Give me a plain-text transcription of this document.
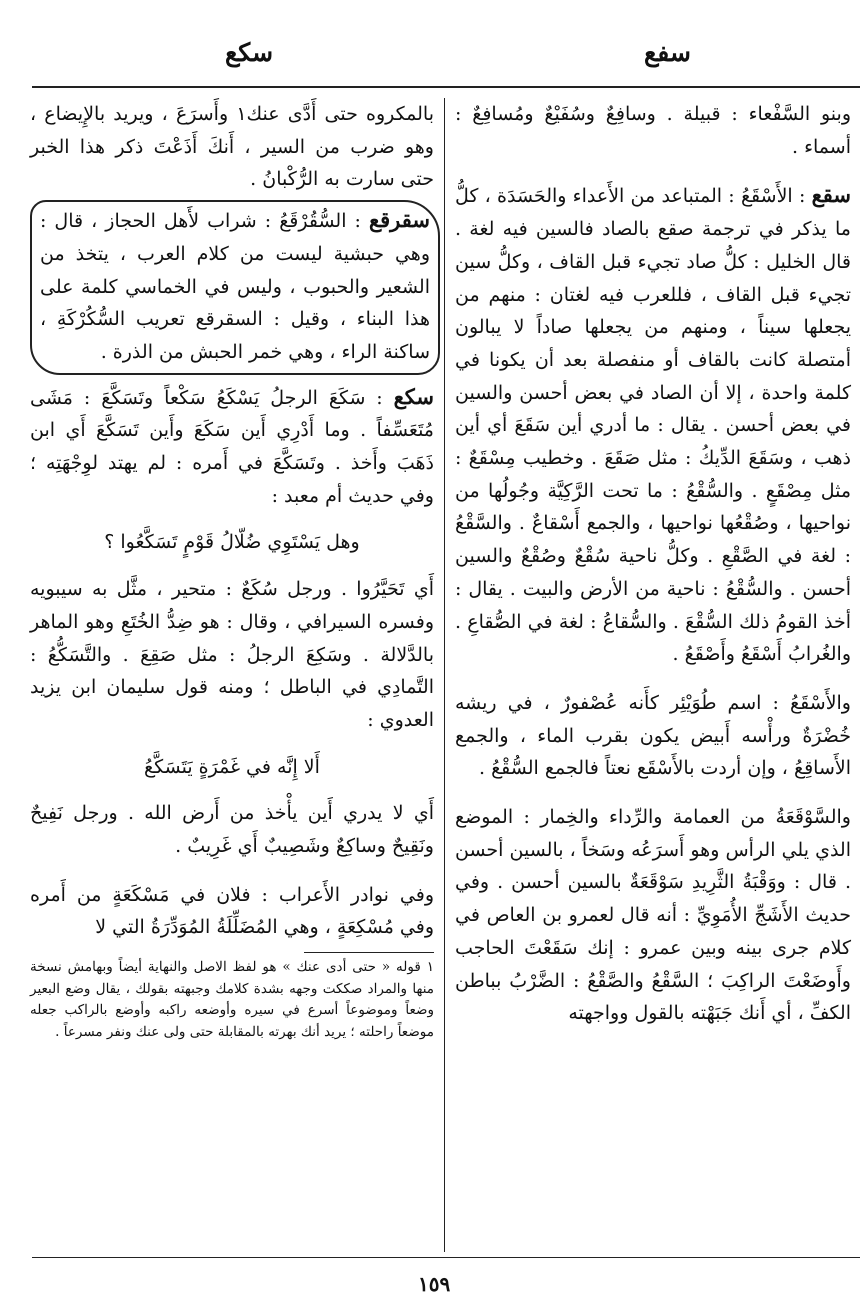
سفع
سكع

وبنو السَّفْعاء : قبيلة . وسافِعٌ وسُفَيْعٌ ومُسافِعٌ : أسماء .

سقع : الأَسْقَعُ : المتباعد من الأَعداء والحَسَدَة ، كلُّ ما يذكر في ترجمة صقع بالصاد فالسين فيه لغة . قال الخليل : كلُّ صاد تجيء قبل القاف ، وكلُّ سين تجيء قبل القاف ، فللعرب فيه لغتان : منهم من يجعلها سيناً ، ومنهم من يجعلها صاداً لا يبالون أمتصلة كانت بالقاف أو منفصلة بعد أن يكونا في كلمة واحدة ، إلا أن الصاد في بعض أحسن والسين في بعض أحسن . يقال : ما أدري أين سَقَعَ أي أين ذهب ، وسَقَعَ الدِّيكُ : مثل صَقَعَ . وخطيب مِسْقَعٌ : مثل مِصْقَعٍ . والسُّقْعُ : ما تحت الرَّكِيَّة وجُولُها من نواحيها ، وصُقْعُها نواحيها ، والجمع أَسْقاعٌ . والسَّقْعُ : لغة في الصَّقْعِ . وكلُّ ناحية سُقْعٌ وصُقْعٌ والسين أحسن . والسُّقْعُ : ناحية من الأرض والبيت . يقال : أخذ القومُ ذلك السُّقْعَ . والسُّقاعُ : لغة في الصُّقاعِ . والغُرابُ أَسْقَعُ وأَصْقَعُ .

والأَسْقَعُ : اسم طُوَيْئِر كأَنه عُصْفورٌ ، في ريشه خُضْرَةٌ ورأْسه أَبيض يكون بقرب الماء ، والجمع الأَساقِعُ ، وإن أردت بالأَسْقَع نعتاً فالجمع السُّقْعُ .

والسَّوْقَعَةُ من العمامة والرِّداء والخِمار : الموضع الذي يلي الرأس وهو أَسرَعُه وسَخاً ، بالسين أحسن . قال : ووَقْبَةُ الثَّرِيدِ سَوْقَعَةٌ بالسين أحسن . وفي حديث الأَشَجِّ الأُمَوِيِّ : أنه قال لعمرو بن العاص في كلام جرى بينه وبين عمرو : إنك سَقَعْتَ الحاجب وأَوضَعْتَ الراكِبَ ؛ السَّقْعُ والصَّقْعُ : الضَّرْبُ بباطن الكفِّ ، أي أَنك جَبَهْته بالقول وواجهته

بالمكروه حتى أَدَّى عنك١ وأَسرَعَ ، ويريد بالإِيضاع ، وهو ضرب من السير ، أَنكَ أَذَعْتَ ذكر هذا الخبر حتى سارت به الرُّكْبانُ .

سقرقع : السُّقُرْقَعُ : شراب لأَهل الحجاز ، قال : وهي حبشية ليست من كلام العرب ، يتخذ من الشعير والحبوب ، وليس في الخماسي كلمة على هذا البناء ، وقيل : السقرقع تعريب السُّكُرْكَةِ ، ساكنة الراء ، وهي خمر الحبش من الذرة .

سكع : سَكَعَ الرجلُ يَسْكَعُ سَكْعاً وتَسَكَّعَ : مَشَى مُتَعَسِّفاً . وما أَدْرِي أَين سَكَعَ وأَين تَسَكَّعَ أَي ابن ذَهَبَ وأَخذ . وتَسَكَّعَ في أَمره : لم يهتد لوِجْهَتِه ؛ وفي حديث أم معبد :

وهل يَسْتَوِي ضُلّالُ قَوْمٍ تَسَكَّعُوا ؟

أَي تَحَيَّرُوا . ورجل سُكَعٌ : متحير ، مثَّل به سيبويه وفسره السيرافي ، وقال : هو ضِدُّ الخُتَعِ وهو الماهر بالدَّلالة . وسَكِعَ الرجلُ : مثل صَقِعَ . والتَّسَكُّعُ : التَّمادِي في الباطل ؛ ومنه قول سليمان ابن يزيد العدوي :

أَلا إِنَّه في غَمْرَةٍ يَتَسَكَّعُ

أَي لا يدري أَين يأْخذ من أَرض الله . ورجل نَفِيحٌ ونَقِيحٌ وساكِعٌ وشَصِيبٌ أَي غَرِيبٌ .

وفي نوادر الأَعراب : فلان في مَسْكَعَةٍ من أَمره وفي مُسْكِعَةٍ ، وهي المُضَلِّلَةُ المُوَدِّرَةُ التي لا

١ قوله « حتى أدى عنك » هو لفظ الاصل والنهاية أيضاً وبهامش نسخة منها والمراد صككت وجهه بشدة كلامك وجبهته بقولك ، يقال وضع البعير وضعاً وموضوعاً أسرع في سيره وأوضعه راكبه وأوضع بالراكب جعله موضعاً راحلته ؛ يريد أنك بهرته بالمقابلة حتى ولى عنك ونفر مسرعاً .

١٥٩
